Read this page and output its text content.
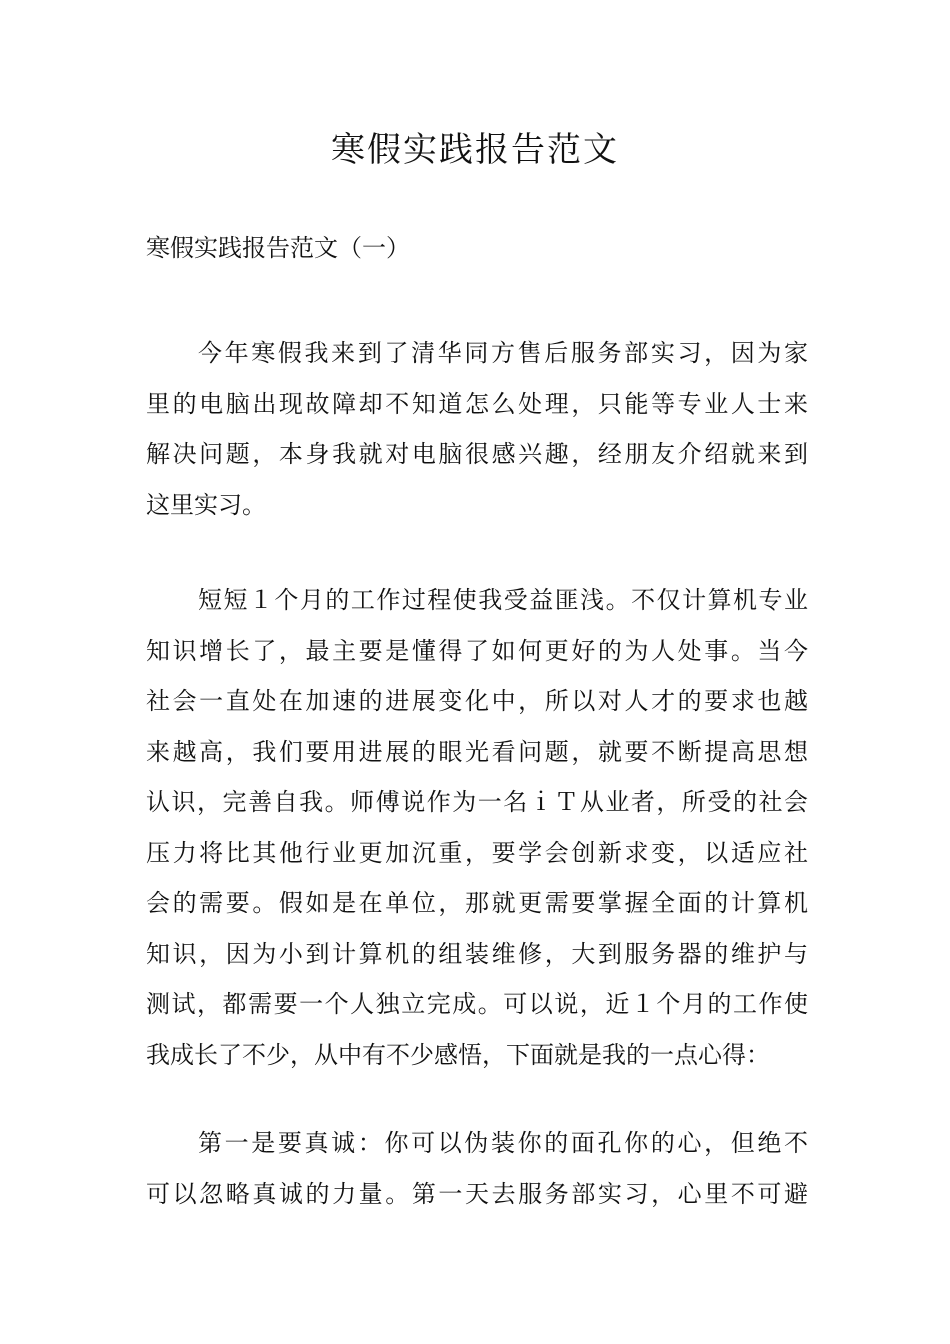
寒假实践报告范文
寒假实践报告范文（一）
今年寒假我来到了清华同方售后服务部实习，因为家
里的电脑出现故障却不知道怎么处理，只能等专业人士来
解决问题，本身我就对电脑很感兴趣，经朋友介绍就来到
这里实习。
短短１个月的工作过程使我受益匪浅。不仅计算机专业
知识增长了，最主要是懂得了如何更好的为人处事。当今
社会一直处在加速的进展变化中，所以对人才的要求也越
来越高，我们要用进展的眼光看问题，就要不断提高思想
认识，完善自我。师傅说作为一名ｉＴ从业者，所受的社会
压力将比其他行业更加沉重，要学会创新求变，以适应社
会的需要。假如是在单位，那就更需要掌握全面的计算机
知识，因为小到计算机的组装维修，大到服务器的维护与
测试，都需要一个人独立完成。可以说，近１个月的工作使
我成长了不少，从中有不少感悟，下面就是我的一点心得：
第一是要真诚：你可以伪装你的面孔你的心，但绝不
可以忽略真诚的力量。第一天去服务部实习，心里不可避
